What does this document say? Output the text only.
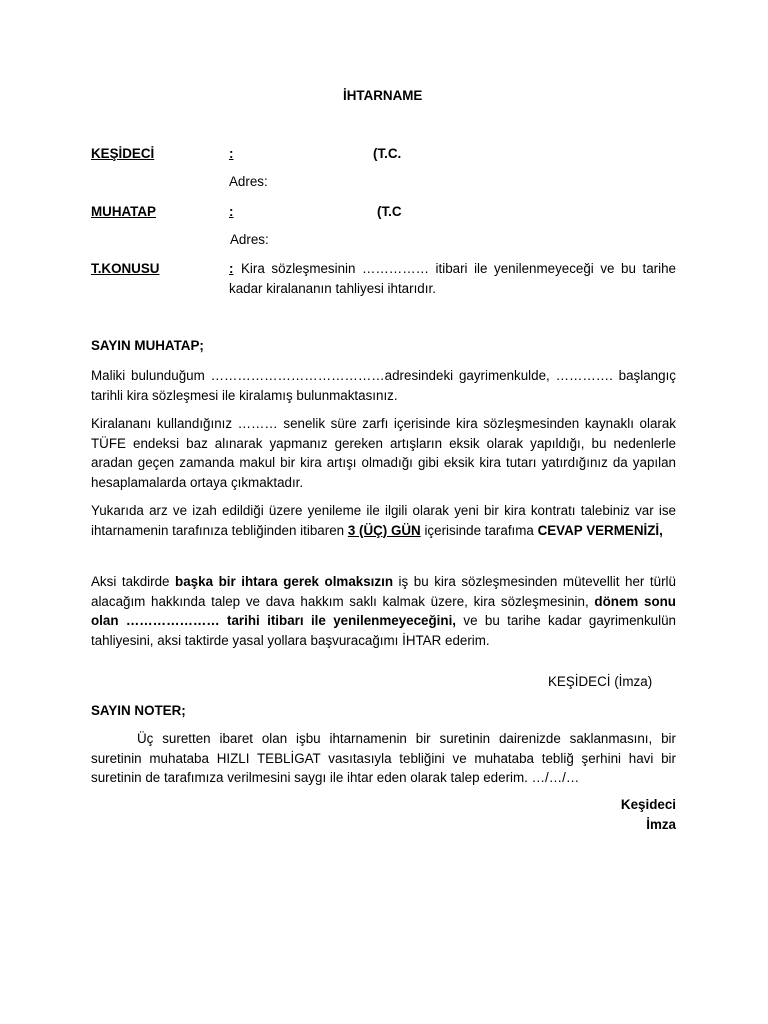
İHTARNAME
KEŞİDECİ	:	(T.C.
Adres:
MUHATAP	:	(T.C
Adres:
T.KONUSU	: Kira sözleşmesinin …………… itibari ile yenilenmeyeceği ve bu tarihe
kadar kiralananın tahliyesi ihtarıdır.
SAYIN MUHATAP;
Maliki bulunduğum …………………………………adresindeki gayrimenkulde, …………. başlangıç tarihli kira sözleşmesi ile kiralamış bulunmaktasınız.
Kiralananı kullandığınız ……… senelik süre zarfı içerisinde kira sözleşmesinden kaynaklı olarak TÜFE endeksi baz alınarak yapmanız gereken artışların eksik olarak yapıldığı, bu nedenlerle aradan geçen zamanda makul bir kira artışı olmadığı gibi eksik kira tutarı yatırdığınız da yapılan hesaplamalarda ortaya çıkmaktadır.
Yukarıda arz ve izah edildiği üzere yenileme ile ilgili olarak yeni bir kira kontratı talebiniz var ise ihtarnamenin tarafınıza tebliğinden itibaren 3 (ÜÇ) GÜN içerisinde tarafıma CEVAP VERMENİZİ,
Aksi takdirde başka bir ihtara gerek olmaksızın iş bu kira sözleşmesinden mütevellit her türlü alacağım hakkında talep ve dava hakkım saklı kalmak üzere, kira sözleşmesinin, dönem sonu olan ………………… tarihi itibarı ile yenilenmeyeceğini, ve bu tarihe kadar gayrimenkulün tahliyesini, aksi taktirde yasal yollara başvuracağımı İHTAR ederim.
KEŞİDECİ (İmza)
SAYIN NOTER;
Üç suretten ibaret olan işbu ihtarnamenin bir suretinin dairenizde saklanmasını, bir suretinin muhataba HIZLI TEBLİGAT vasıtasıyla tebliğini ve muhataba tebliğ şerhini havi bir suretinin de tarafımıza verilmesini saygı ile ihtar eden olarak talep ederim. …/…/…
Keşideci
İmza
